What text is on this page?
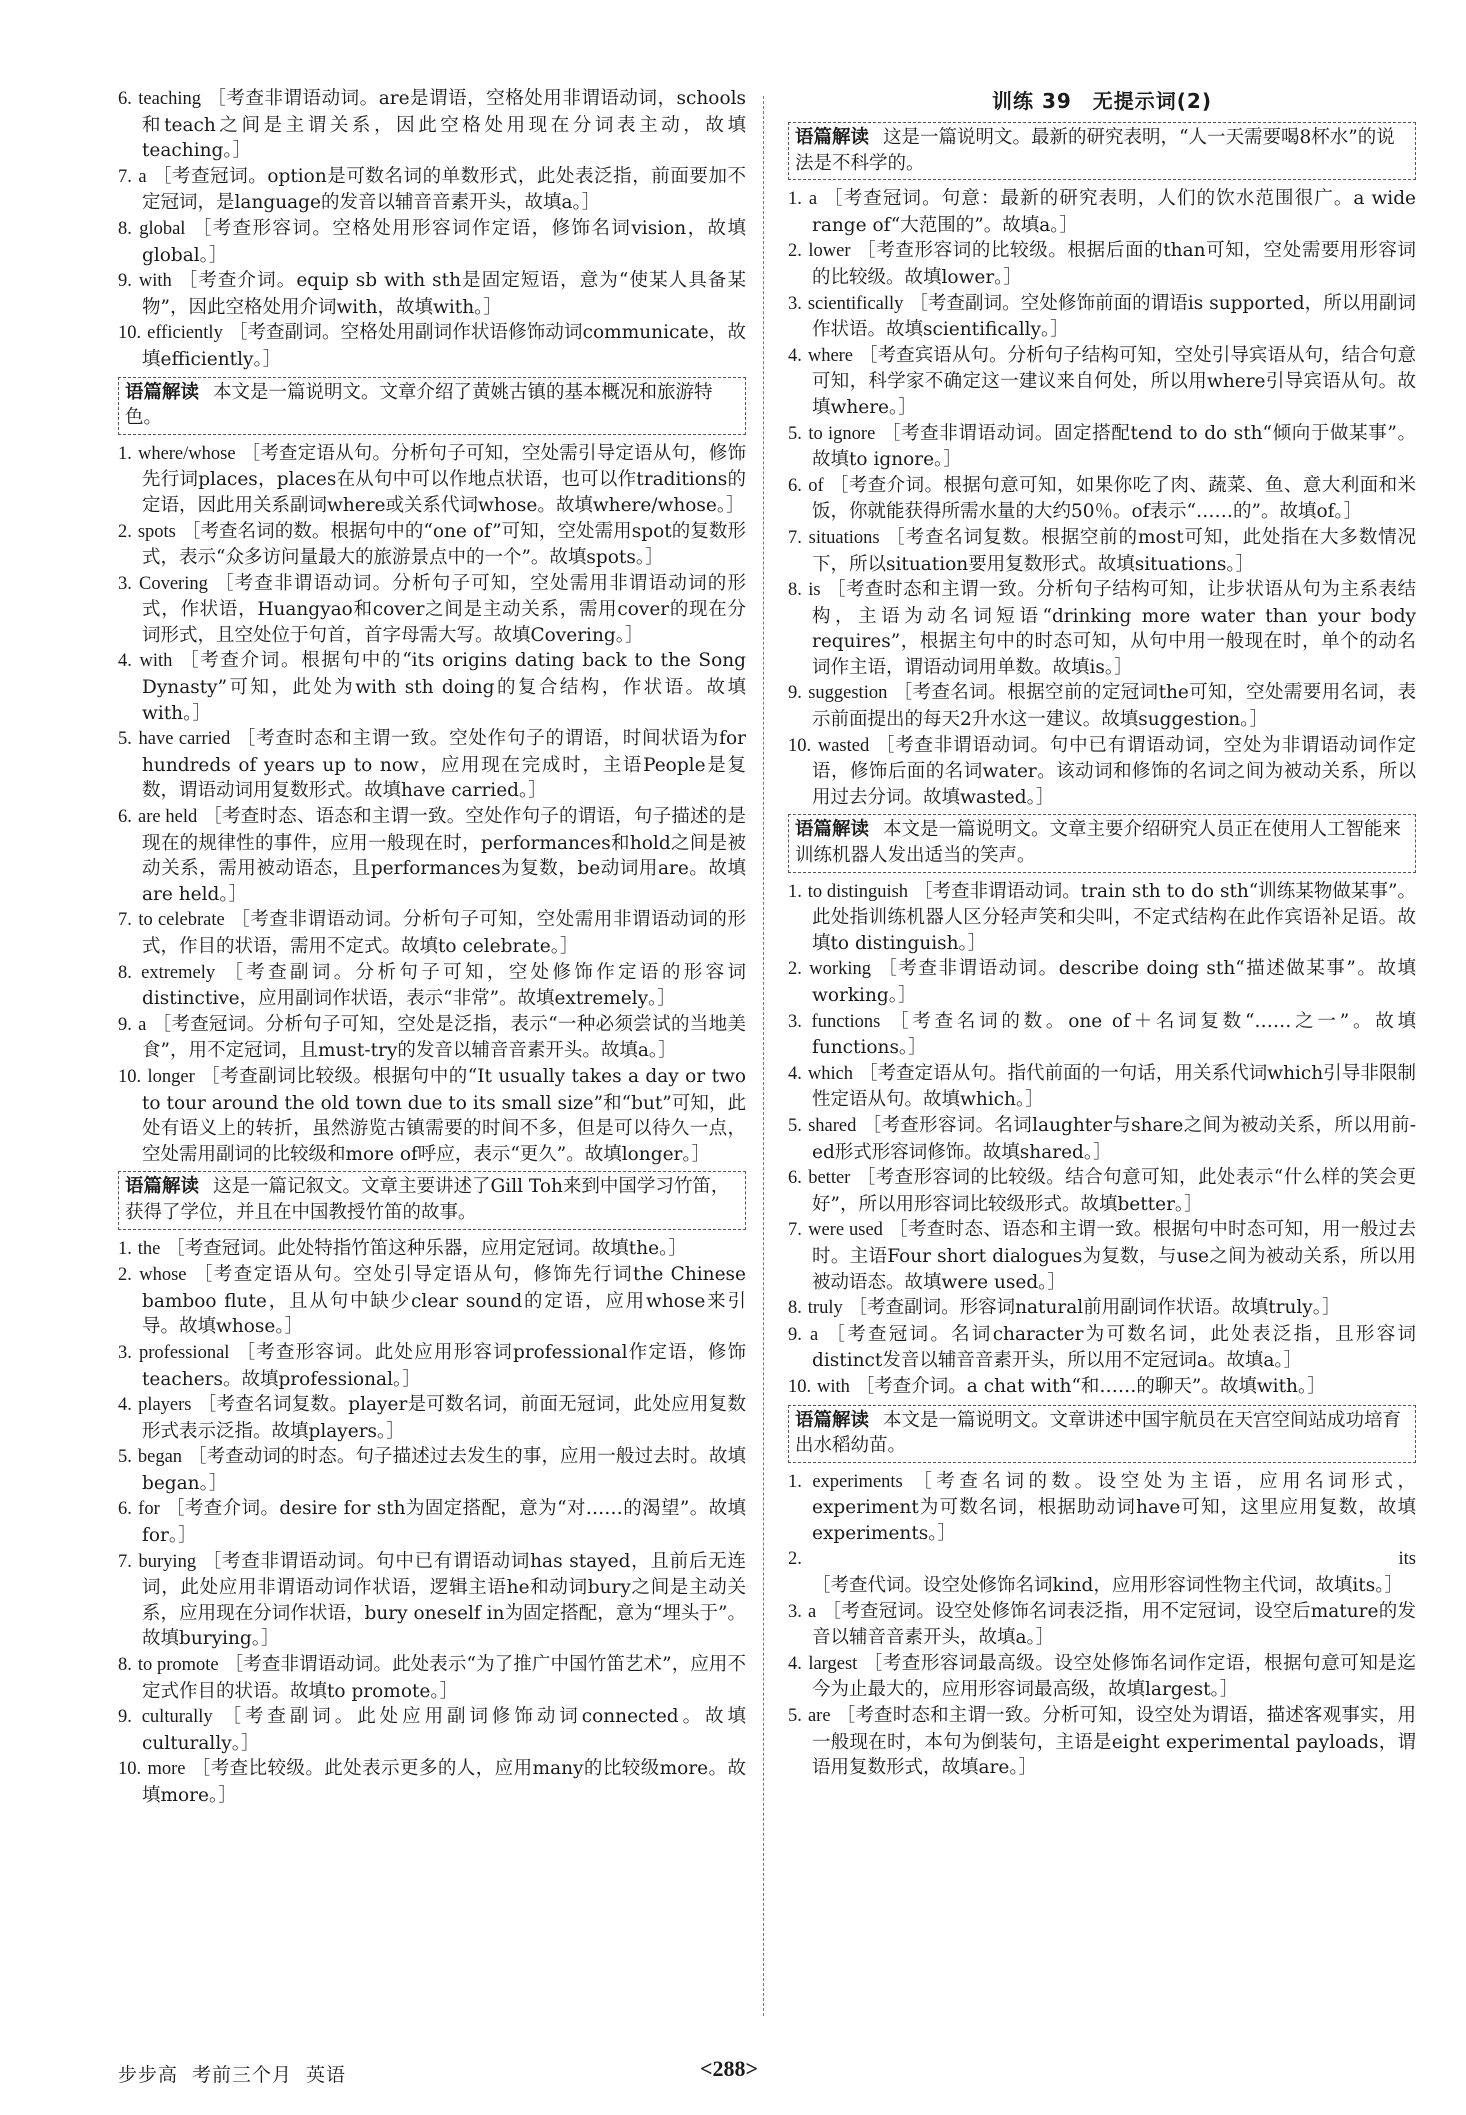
6. teaching ［考查非谓语动词。are是谓语，空格处用非谓语动词，schools和teach之间是主谓关系，因此空格处用现在分词表主动，故填teaching。］
7. a ［考查冠词。option是可数名词的单数形式，此处表泛指，前面要加不定冠词，是language的发音以辅音音素开头，故填a。］
8. global ［考查形容词。空格处用形容词作定语，修饰名词vision，故填global。］
9. with ［考查介词。equip sb with sth是固定短语，意为“使某人具备某物”，因此空格处用介词with，故填with。］
10. efficiently ［考查副词。空格处用副词作状语修饰动词communicate，故填efficiently。］
语篇解读 本文是一篇说明文。文章介绍了黄姚古镇的基本概况和旅游特色。
1. where/whose ［考查定语从句。分析句子可知，空处需引导定语从句，修饰先行词places，places在从句中可以作地点状语，也可以作traditions的定语，因此用关系副词where或关系代词whose。故填where/whose。］
2. spots ［考查名词的数。根据句中的“one of”可知，空处需用spot的复数形式，表示“众多访问量最大的旅游景点中的一个”。故填spots。］
3. Covering ［考查非谓语动词。分析句子可知，空处需用非谓语动词的形式，作状语，Huangyao和cover之间是主动关系，需用cover的现在分词形式，且空处位于句首，首字母需大写。故填Covering。］
4. with ［考查介词。根据句中的“its origins dating back to the Song Dynasty”可知，此处为with sth doing的复合结构，作状语。故填with。］
5. have carried ［考查时态和主谓一致。空处作句子的谓语，时间状语为for hundreds of years up to now，应用现在完成时，主语People是复数，谓语动词用复数形式。故填have carried。］
6. are held ［考查时态、语态和主谓一致。空处作句子的谓语，句子描述的是现在的规律性的事件，应用一般现在时，performances和hold之间是被动关系，需用被动语态，且performances为复数，be动词用are。故填are held。］
7. to celebrate ［考查非谓语动词。分析句子可知，空处需用非谓语动词的形式，作目的状语，需用不定式。故填to celebrate。］
8. extremely ［考查副词。分析句子可知，空处修饰作定语的形容词distinctive，应用副词作状语，表示“非常”。故填extremely。］
9. a ［考查冠词。分析句子可知，空处是泛指，表示“一种必须尝试的当地美食”，用不定冠词，且must-try的发音以辅音音素开头。故填a。］
10. longer ［考查副词比较级。根据句中的“It usually takes a day or two to tour around the old town due to its small size”和“but”可知，此处有语义上的转折，虽然游览古镇需要的时间不多，但是可以待久一点，空处需用副词的比较级和more of呼应，表示“更久”。故填longer。］
语篇解读 这是一篇记叙文。文章主要讲述了Gill Toh来到中国学习竹笛，获得了学位，并且在中国教授竹笛的故事。
1. the ［考查冠词。此处特指竹笛这种乐器，应用定冠词。故填the。］
2. whose ［考查定语从句。空处引导定语从句，修饰先行词the Chinese bamboo flute，且从句中缺少clear sound的定语，应用whose来引导。故填whose。］
3. professional ［考查形容词。此处应用形容词professional作定语，修饰teachers。故填professional。］
4. players ［考查名词复数。player是可数名词，前面无冠词，此处应用复数形式表示泛指。故填players。］
5. began ［考查动词的时态。句子描述过去发生的事，应用一般过去时。故填began。］
6. for ［考查介词。desire for sth为固定搭配，意为“对……的渴望”。故填for。］
7. burying ［考查非谓语动词。句中已有谓语动词has stayed，且前后无连词，此处应用非谓语动词作状语，逻辑主语he和动词bury之间是主动关系，应用现在分词作状语，bury oneself in为固定搭配，意为“埋头于”。故填burying。］
8. to promote ［考查非谓语动词。此处表示“为了推广中国竹笛艺术”，应用不定式作目的状语。故填to promote。］
9. culturally ［考查副词。此处应用副词修饰动词connected。故填culturally。］
10. more ［考查比较级。此处表示更多的人，应用many的比较级more。故填more。］
训练 39　无提示词(2)
语篇解读 这是一篇说明文。最新的研究表明，“人一天需要喝8杯水”的说法是不科学的。
1. a ［考查冠词。句意：最新的研究表明，人们的饮水范围很广。a wide range of“大范围的”。故填a。］
2. lower ［考查形容词的比较级。根据后面的than可知，空处需要用形容词的比较级。故填lower。］
3. scientifically ［考查副词。空处修饰前面的谓语is supported，所以用副词作状语。故填scientifically。］
4. where ［考查宾语从句。分析句子结构可知，空处引导宾语从句，结合句意可知，科学家不确定这一建议来自何处，所以用where引导宾语从句。故填where。］
5. to ignore ［考查非谓语动词。固定搭配tend to do sth“倾向于做某事”。故填to ignore。］
6. of ［考查介词。根据句意可知，如果你吃了肉、蔬菜、鱼、意大利面和米饭，你就能获得所需水量的大约50％。of表示“……的”。故填of。］
7. situations ［考查名词复数。根据空前的most可知，此处指在大多数情况下，所以situation要用复数形式。故填situations。］
8. is ［考查时态和主谓一致。分析句子结构可知，让步状语从句为主系表结构，主语为动名词短语“drinking more water than your body requires”，根据主句中的时态可知，从句中用一般现在时，单个的动名词作主语，谓语动词用单数。故填is。］
9. suggestion ［考查名词。根据空前的定冠词the可知，空处需要用名词，表示前面提出的每天2升水这一建议。故填suggestion。］
10. wasted ［考查非谓语动词。句中已有谓语动词，空处为非谓语动词作定语，修饰后面的名词water。该动词和修饰的名词之间为被动关系，所以用过去分词。故填wasted。］
语篇解读 本文是一篇说明文。文章主要介绍研究人员正在使用人工智能来训练机器人发出适当的笑声。
1. to distinguish ［考查非谓语动词。train sth to do sth“训练某物做某事”。此处指训练机器人区分轻声笑和尖叫，不定式结构在此作宾语补足语。故填to distinguish。］
2. working ［考查非谓语动词。describe doing sth“描述做某事”。故填working。］
3. functions ［考查名词的数。one of＋名词复数“……之一”。故填functions。］
4. which ［考查定语从句。指代前面的一句话，用关系代词which引导非限制性定语从句。故填which。］
5. shared ［考查形容词。名词laughter与share之间为被动关系，所以用前-ed形式形容词修饰。故填shared。］
6. better ［考查形容词的比较级。结合句意可知，此处表示“什么样的笑会更好”，所以用形容词比较级形式。故填better。］
7. were used ［考查时态、语态和主谓一致。根据句中时态可知，用一般过去时。主语Four short dialogues为复数，与use之间为被动关系，所以用被动语态。故填were used。］
8. truly ［考查副词。形容词natural前用副词作状语。故填truly。］
9. a ［考查冠词。名词character为可数名词，此处表泛指，且形容词distinct发音以辅音音素开头，所以用不定冠词a。故填a。］
10. with ［考查介词。a chat with“和……的聊天”。故填with。］
语篇解读 本文是一篇说明文。文章讲述中国宇航员在天宫空间站成功培育出水稻幼苗。
1. experiments ［考查名词的数。设空处为主语，应用名词形式，experiment为可数名词，根据助动词have可知，这里应用复数，故填experiments。］
2.	its ［考查代词。设空处修饰名词kind，应用形容词性物主代词，故填its。］
3. a ［考查冠词。设空处修饰名词表泛指，用不定冠词，设空后mature的发音以辅音音素开头，故填a。］
4. largest ［考查形容词最高级。设空处修饰名词作定语，根据句意可知是迄今为止最大的，应用形容词最高级，故填largest。］
5. are ［考查时态和主谓一致。分析可知，设空处为谓语，描述客观事实，用一般现在时，本句为倒装句，主语是eight experimental payloads，谓语用复数形式，故填are。］
步步高 考前三个月 英语	<288>
